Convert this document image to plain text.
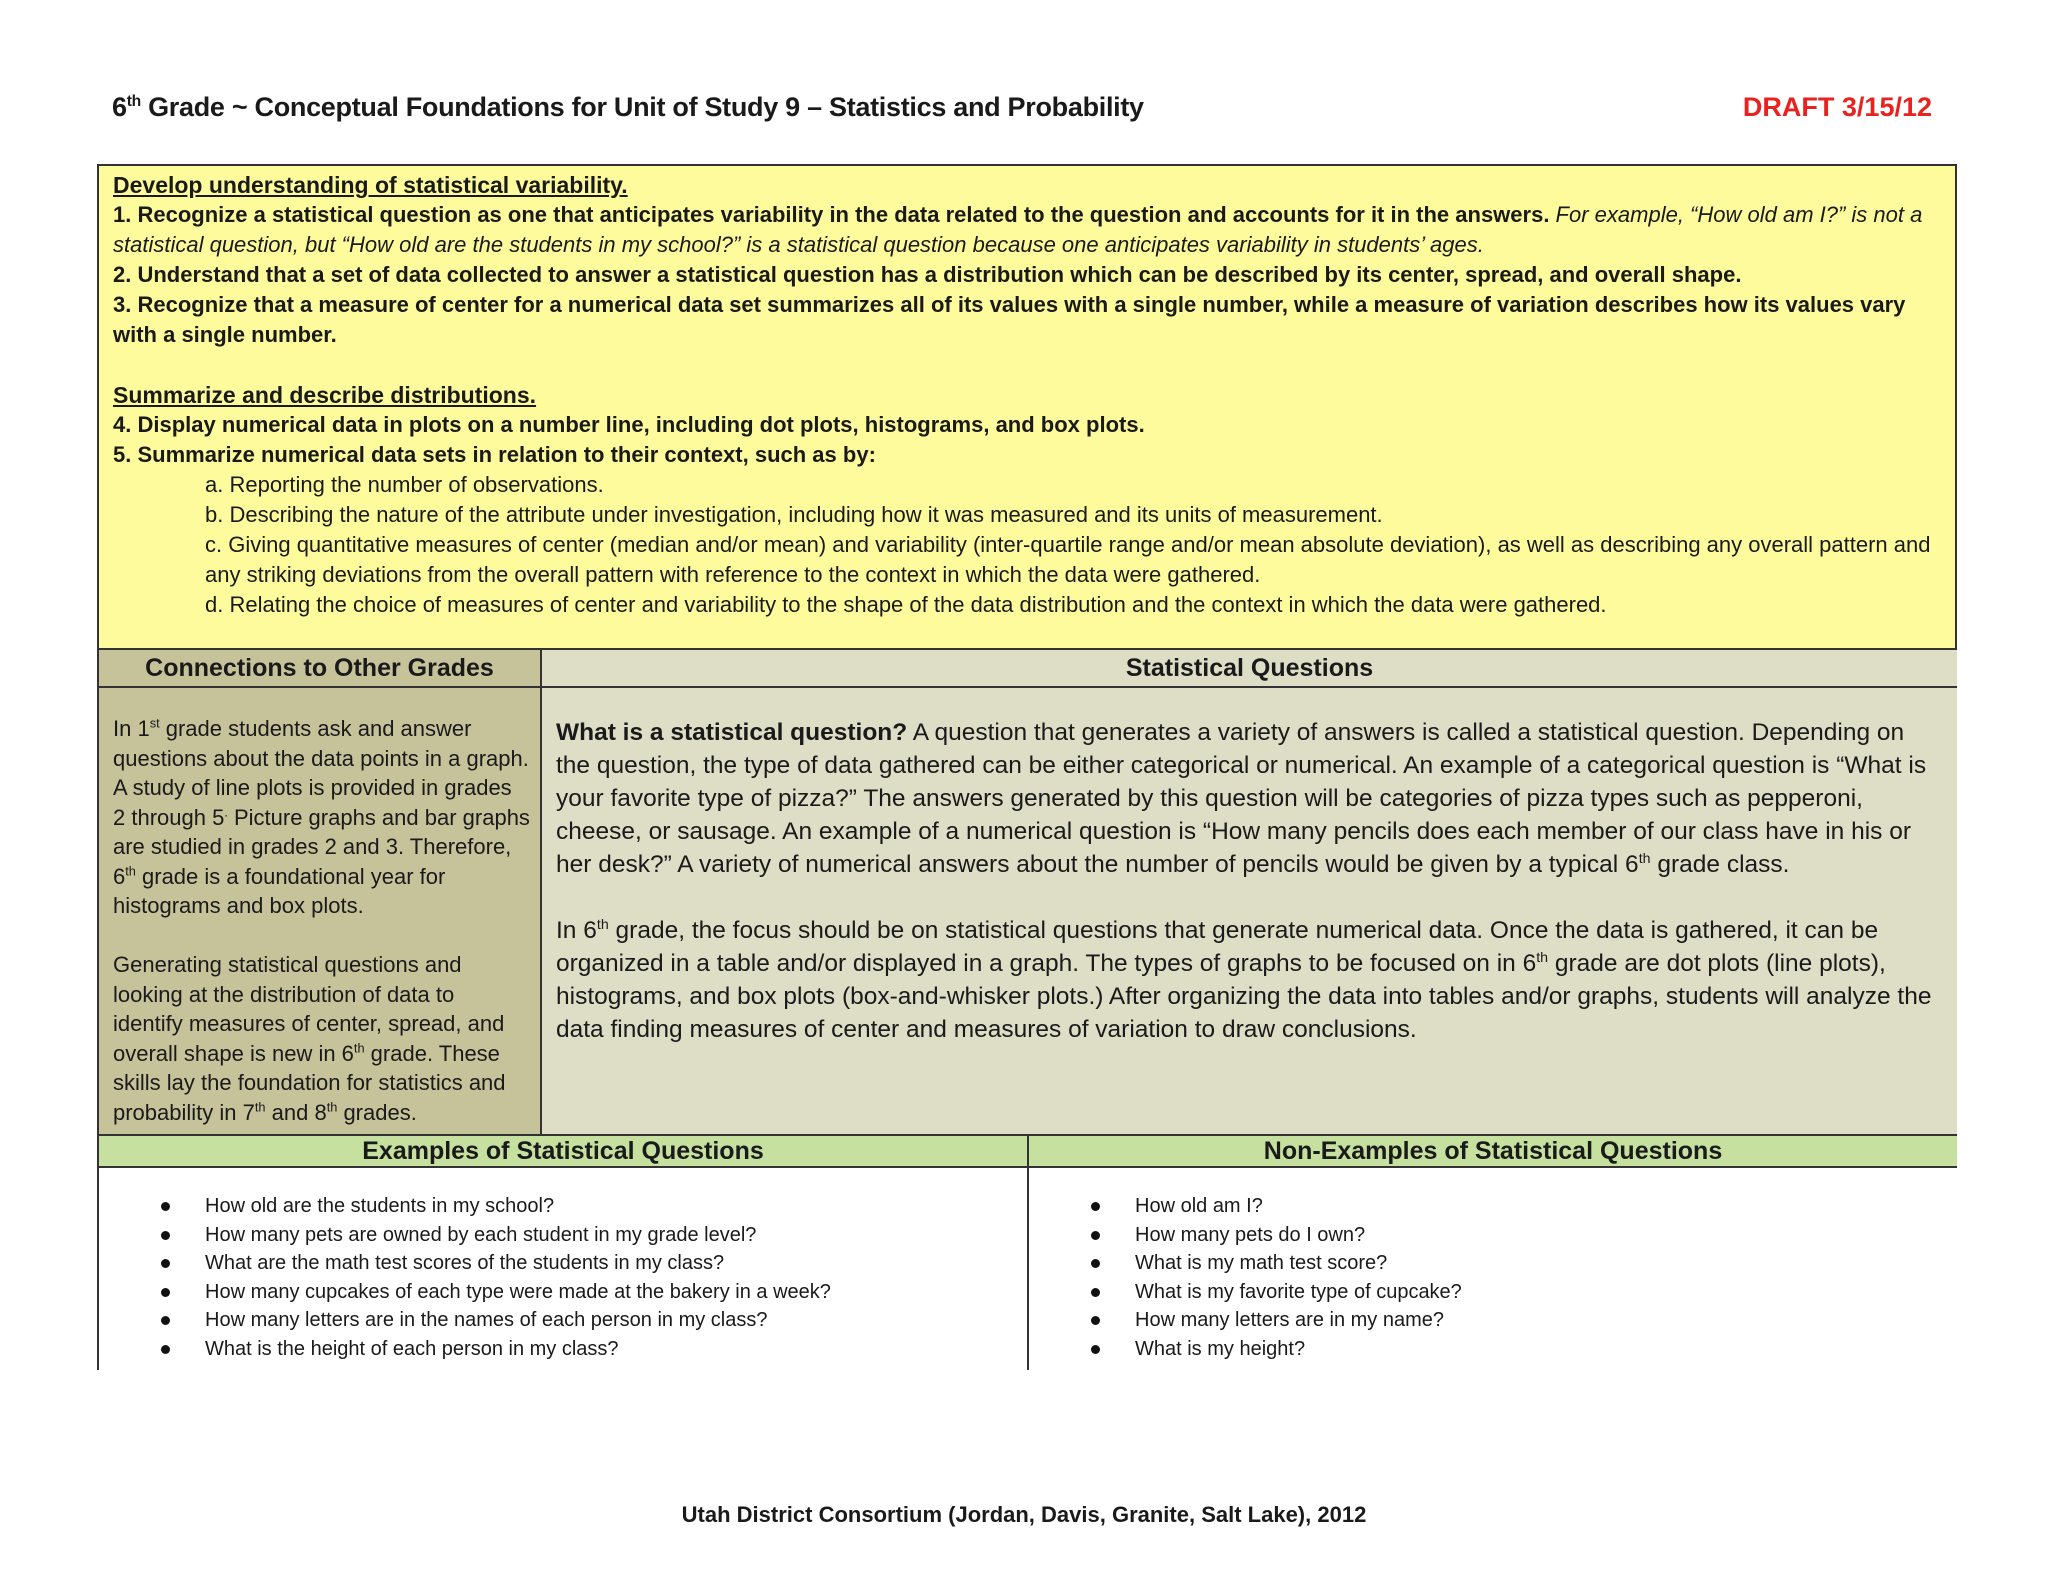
6th Grade ~ Conceptual Foundations for Unit of Study 9 – Statistics and Probability	DRAFT 3/15/12
Develop understanding of statistical variability.
1. Recognize a statistical question as one that anticipates variability in the data related to the question and accounts for it in the answers. For example, “How old am I?” is not a statistical question, but “How old are the students in my school?” is a statistical question because one anticipates variability in students’ ages.
2. Understand that a set of data collected to answer a statistical question has a distribution which can be described by its center, spread, and overall shape.
3. Recognize that a measure of center for a numerical data set summarizes all of its values with a single number, while a measure of variation describes how its values vary with a single number.
Summarize and describe distributions.
4. Display numerical data in plots on a number line, including dot plots, histograms, and box plots.
5. Summarize numerical data sets in relation to their context, such as by:
a. Reporting the number of observations.
b. Describing the nature of the attribute under investigation, including how it was measured and its units of measurement.
c. Giving quantitative measures of center (median and/or mean) and variability (inter-quartile range and/or mean absolute deviation), as well as describing any overall pattern and any striking deviations from the overall pattern with reference to the context in which the data were gathered.
d. Relating the choice of measures of center and variability to the shape of the data distribution and the context in which the data were gathered.
Connections to Other Grades

In 1st grade students ask and answer questions about the data points in a graph. A study of line plots is provided in grades 2 through 5. Picture graphs and bar graphs are studied in grades 2 and 3. Therefore, 6th grade is a foundational year for histograms and box plots.

Generating statistical questions and looking at the distribution of data to identify measures of center, spread, and overall shape is new in 6th grade. These skills lay the foundation for statistics and probability in 7th and 8th grades.

Statistical Questions

What is a statistical question? A question that generates a variety of answers is called a statistical question. Depending on the question, the type of data gathered can be either categorical or numerical. An example of a categorical question is “What is your favorite type of pizza?” The answers generated by this question will be categories of pizza types such as pepperoni, cheese, or sausage. An example of a numerical question is “How many pencils does each member of our class have in his or her desk?” A variety of numerical answers about the number of pencils would be given by a typical 6th grade class.

In 6th grade, the focus should be on statistical questions that generate numerical data. Once the data is gathered, it can be organized in a table and/or displayed in a graph. The types of graphs to be focused on in 6th grade are dot plots (line plots), histograms, and box plots (box-and-whisker plots.) After organizing the data into tables and/or graphs, students will analyze the data finding measures of center and measures of variation to draw conclusions.

Examples of Statistical Questions	Non-Examples of Statistical Questions
How old are the students in my school?
How many pets are owned by each student in my grade level?
What are the math test scores of the students in my class?
How many cupcakes of each type were made at the bakery in a week?
How many letters are in the names of each person in my class?
What is the height of each person in my class?
How old am I?
How many pets do I own?
What is my math test score?
What is my favorite type of cupcake?
How many letters are in my name?
What is my height?
Utah District Consortium (Jordan, Davis, Granite, Salt Lake), 2012
